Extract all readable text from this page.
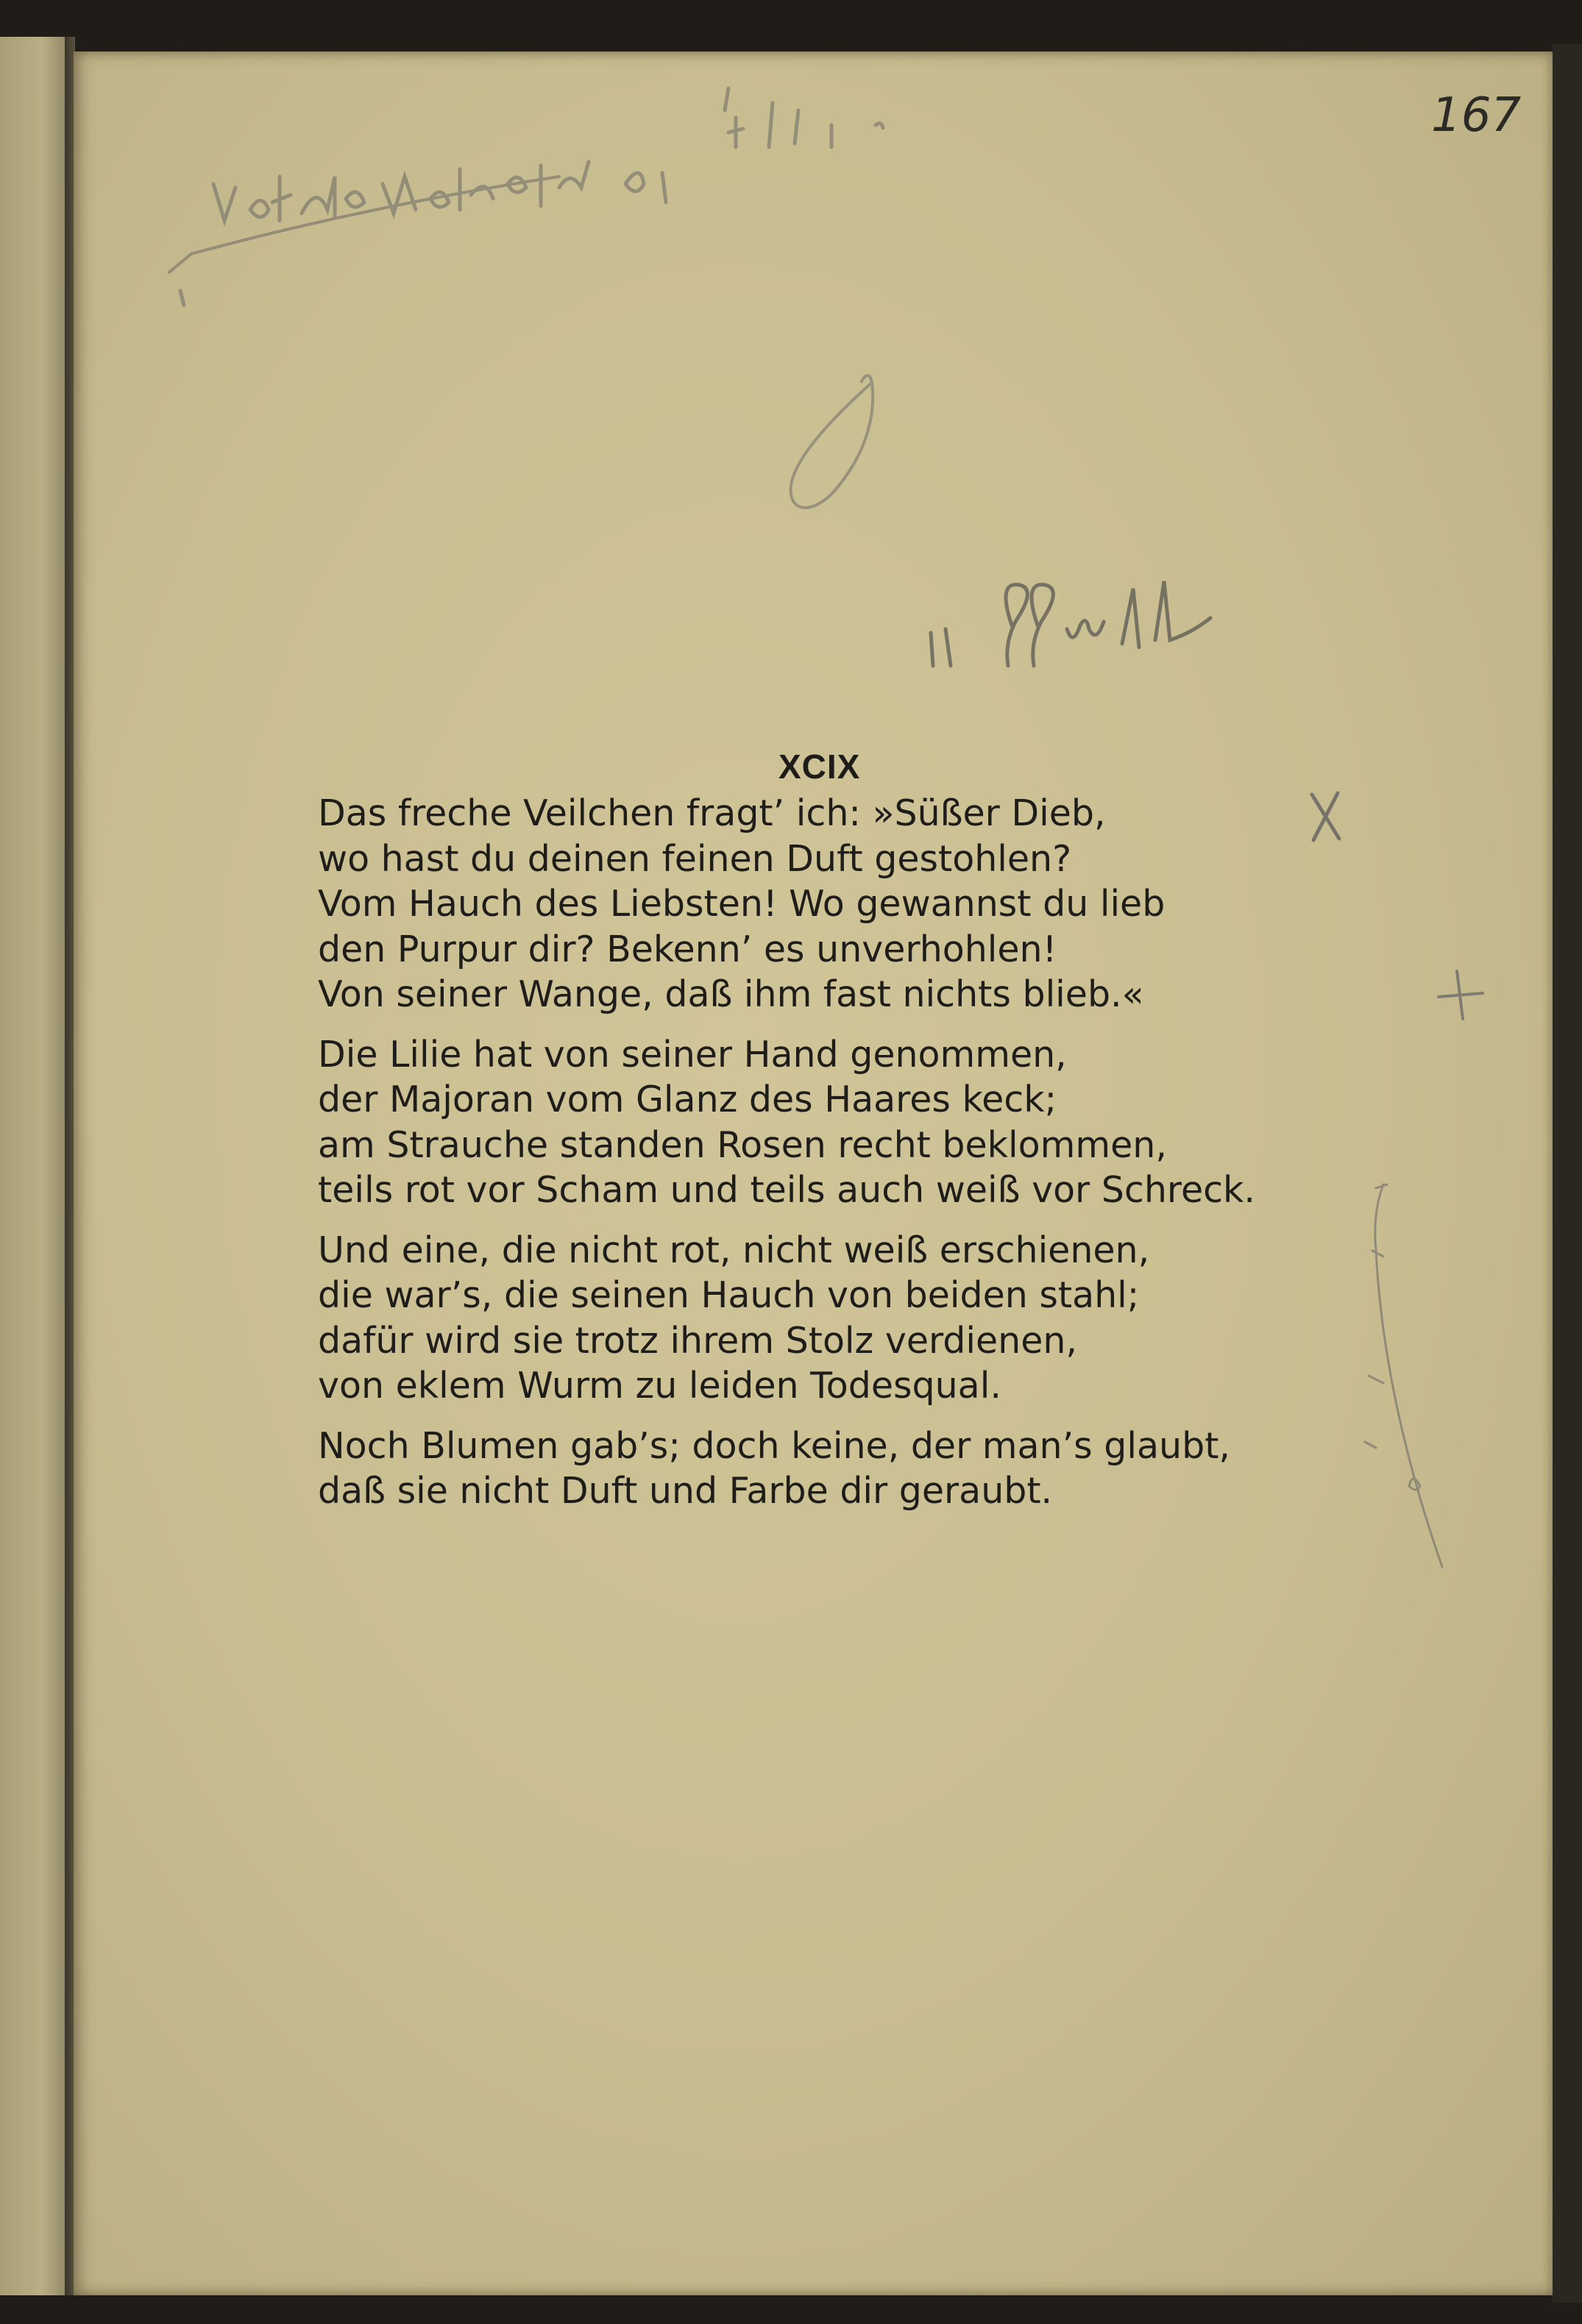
167
XCIX
Das freche Veilchen fragt’ ich: »Süßer Dieb,
wo hast du deinen feinen Duft gestohlen?
Vom Hauch des Liebsten! Wo gewannst du lieb
den Purpur dir? Bekenn’ es unverhohlen!
Von seiner Wange, daß ihm fast nichts blieb.«
Die Lilie hat von seiner Hand genommen,
der Majoran vom Glanz des Haares keck;
am Strauche standen Rosen recht beklommen,
teils rot vor Scham und teils auch weiß vor Schreck.
Und eine, die nicht rot, nicht weiß erschienen,
die war’s, die seinen Hauch von beiden stahl;
dafür wird sie trotz ihrem Stolz verdienen,
von eklem Wurm zu leiden Todesqual.
Noch Blumen gab’s; doch keine, der man’s glaubt,
daß sie nicht Duft und Farbe dir geraubt.
